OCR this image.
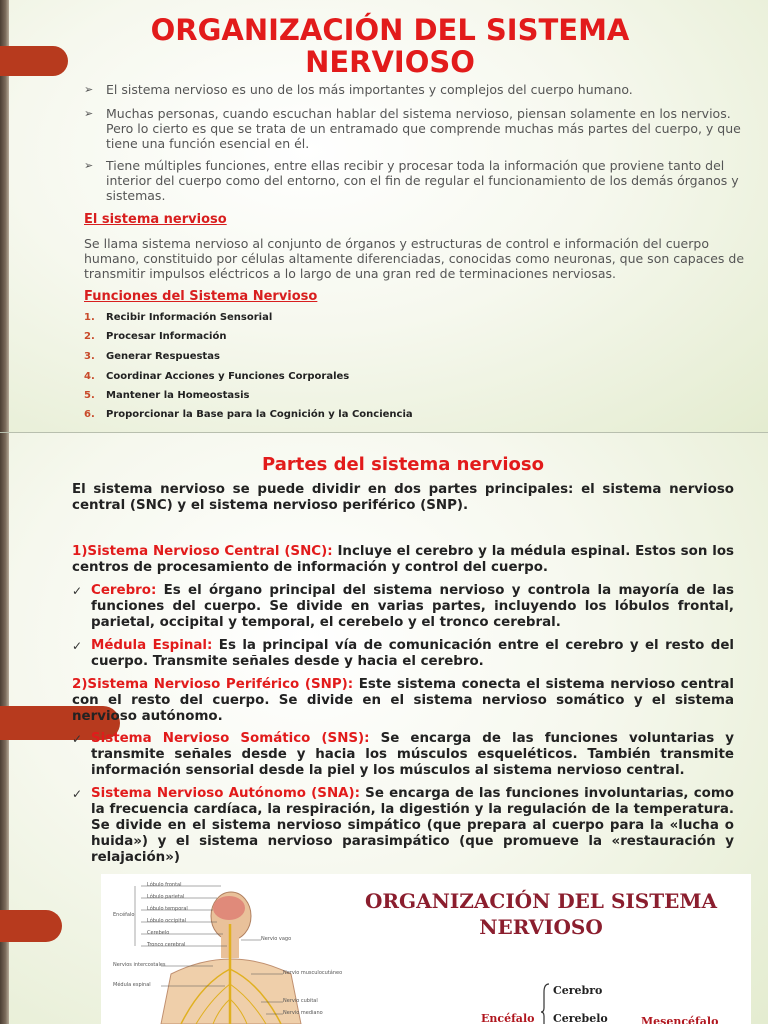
ORGANIZACIÓN DEL SISTEMA NERVIOSO
➢ El sistema nervioso es uno de los más importantes y complejos del cuerpo humano.
➢ Muchas personas, cuando escuchan hablar del sistema nervioso, piensan solamente en los nervios. Pero lo cierto es que se trata de un entramado que comprende muchas más partes del cuerpo, y que tiene una función esencial en él.
➢ Tiene múltiples funciones, entre ellas recibir y procesar toda la información que proviene tanto del interior del cuerpo como del entorno, con el fin de regular el funcionamiento de los demás órganos y sistemas.
El sistema nervioso
Se llama sistema nervioso al conjunto de órganos y estructuras de control e información del cuerpo humano, constituido por células altamente diferenciadas, conocidas como neuronas, que son capaces de transmitir impulsos eléctricos a lo largo de una gran red de terminaciones nerviosas.
Funciones del Sistema Nervioso
1. Recibir Información Sensorial
2. Procesar Información
3. Generar Respuestas
4. Coordinar Acciones y Funciones Corporales
5. Mantener la Homeostasis
6. Proporcionar la Base para la Cognición y la Conciencia
Partes del sistema nervioso
El sistema nervioso se puede dividir en dos partes principales: el sistema nervioso central (SNC) y el sistema nervioso periférico (SNP).
1)Sistema Nervioso Central (SNC): Incluye el cerebro y la médula espinal. Estos son los centros de procesamiento de información y control del cuerpo.
✓ Cerebro: Es el órgano principal del sistema nervioso y controla la mayoría de las funciones del cuerpo. Se divide en varias partes, incluyendo los lóbulos frontal, parietal, occipital y temporal, el cerebelo y el tronco cerebral.
✓ Médula Espinal: Es la principal vía de comunicación entre el cerebro y el resto del cuerpo. Transmite señales desde y hacia el cerebro.
2)Sistema Nervioso Periférico (SNP): Este sistema conecta el sistema nervioso central con el resto del cuerpo. Se divide en el sistema nervioso somático y el sistema nervioso autónomo.
✓ Sistema Nervioso Somático (SNS): Se encarga de las funciones voluntarias y transmite señales desde y hacia los músculos esqueléticos. También transmite información sensorial desde la piel y los músculos al sistema nervioso central.
✓ Sistema Nervioso Autónomo (SNA): Se encarga de las funciones involuntarias, como la frecuencia cardíaca, la respiración, la digestión y la regulación de la temperatura. Se divide en el sistema nervioso simpático (que prepara al cuerpo para la «lucha o huida») y el sistema nervioso parasimpático (que promueve la «restauración y relajación»)
Lóbulo frontal
Lóbulo parietal
Lóbulo temporal
Lóbulo occipital
Cerebelo
Tronco cerebral
Encéfalo
Nervio vago
Nervios intercostales
Médula espinal
Nervio musculocutáneo
Nervio cubital
Nervio mediano
ORGANIZACIÓN DEL SISTEMA NERVIOSO
Encéfalo
Cerebro
Cerebelo	Mesencéfalo
